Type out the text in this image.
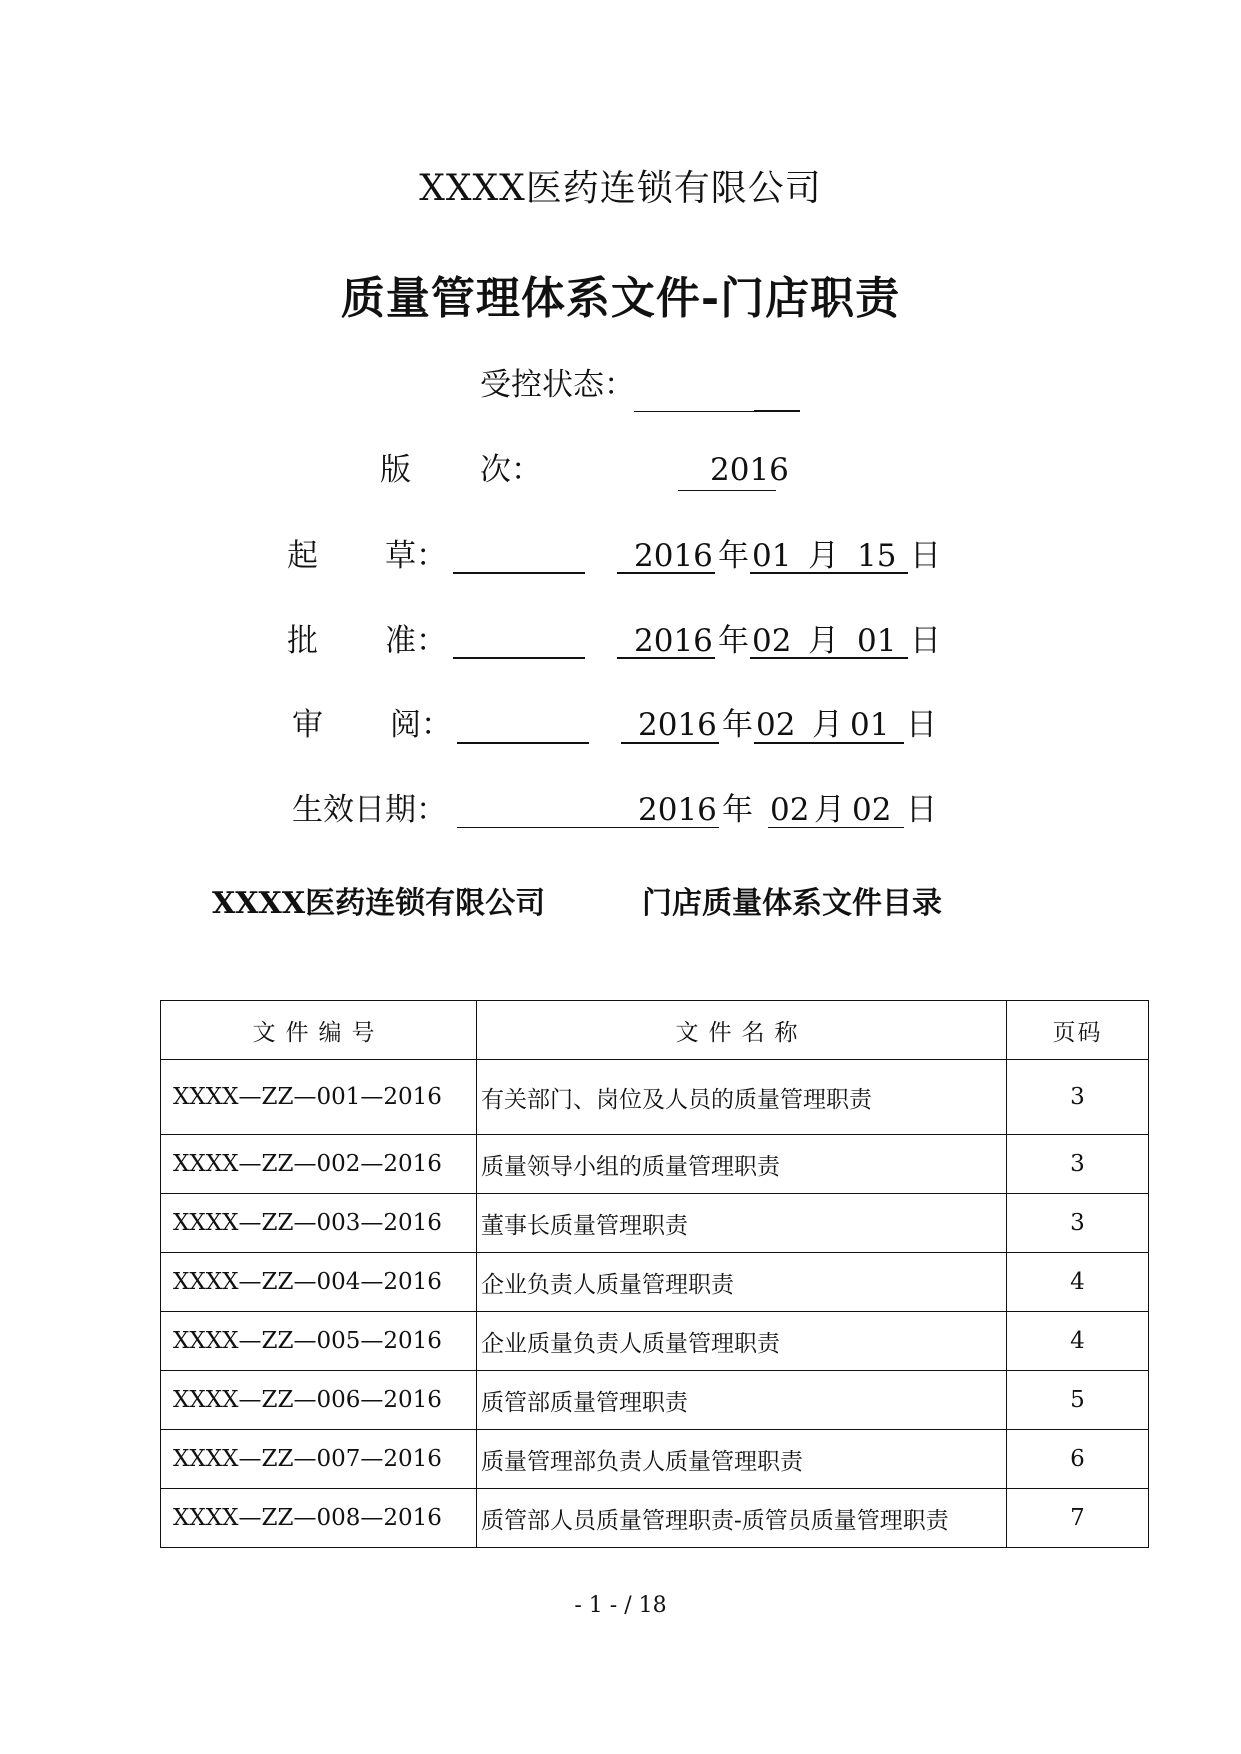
XXXX医药连锁有限公司
质量管理体系文件-门店职责
受控状态：
版 次：	2016
起 草：	2016 年 01 月 15 日
批 准：	2016 年 02 月 01 日
审 阅：	2016 年 02 月 01 日
生效日期：	2016 年 02 月 02 日
XXXX医药连锁有限公司	门店质量体系文件目录
文件编号	文件名称	页码
XXXX—ZZ—001—2016	有关部门、岗位及人员的质量管理职责	3
XXXX—ZZ—002—2016	质量领导小组的质量管理职责	3
XXXX—ZZ—003—2016	董事长质量管理职责	3
XXXX—ZZ—004—2016	企业负责人质量管理职责	4
XXXX—ZZ—005—2016	企业质量负责人质量管理职责	4
XXXX—ZZ—006—2016	质管部质量管理职责	5
XXXX—ZZ—007—2016	质量管理部负责人质量管理职责	6
XXXX—ZZ—008—2016	质管部人员质量管理职责-质管员质量管理职责	7
- 1 - / 18
